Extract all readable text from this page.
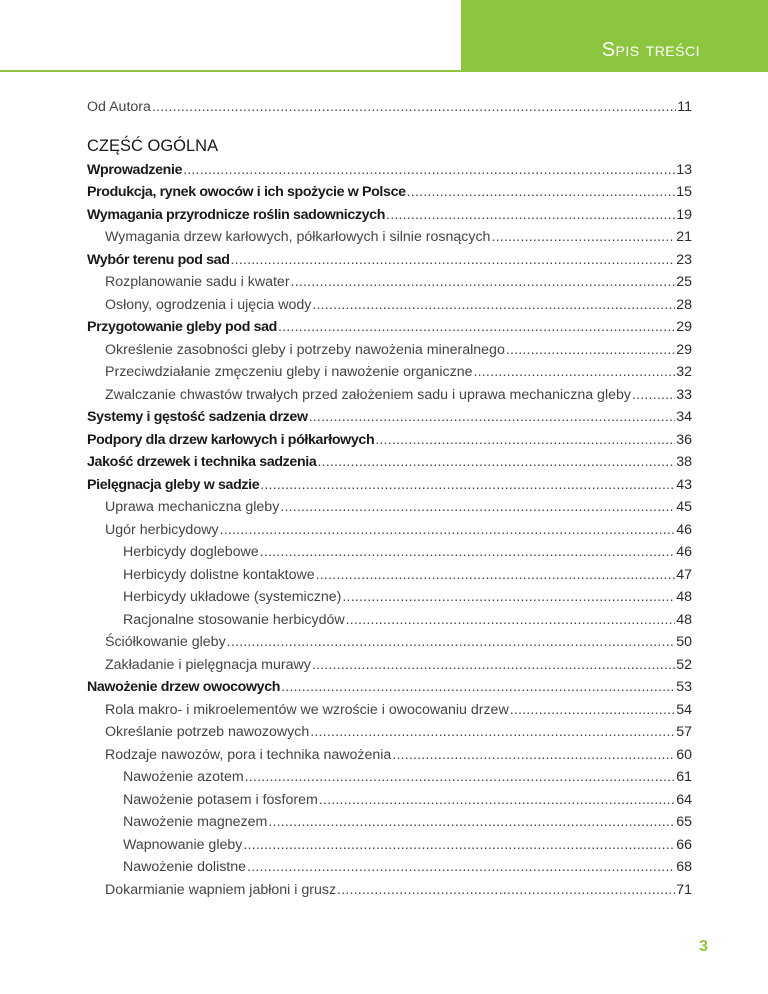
Spis treści
Od Autora .....	11
CZĘŚĆ OGÓLNA
Wprowadzenie .....	13
Produkcja, rynek owoców i ich spożycie w Polsce .....	15
Wymagania przyrodnicze roślin sadowniczych .....	19
Wymagania drzew karłowych, półkarłowych i silnie rosnących .....	21
Wybór terenu pod sad .....	23
Rozplanowanie sadu i kwater .....	25
Osłony, ogrodzenia i ujęcia wody .....	28
Przygotowanie gleby pod sad .....	29
Określenie zasobności gleby i potrzeby nawożenia mineralnego .....	29
Przeciwdziałanie zmęczeniu gleby i nawożenie organiczne .....	32
Zwalczanie chwastów trwałych przed założeniem sadu i uprawa mechaniczna gleby .....	33
Systemy i gęstość sadzenia drzew .....	34
Podpory dla drzew karłowych i półkarłowych .....	36
Jakość drzewek i technika sadzenia .....	38
Pielęgnacja gleby w sadzie .....	43
Uprawa mechaniczna gleby .....	45
Ugór herbicydowy .....	46
Herbicydy doglebowe .....	46
Herbicydy dolistne kontaktowe .....	47
Herbicydy układowe (systemiczne) .....	48
Racjonalne stosowanie herbicydów .....	48
Ściółkowanie gleby .....	50
Zakładanie i pielęgnacja murawy .....	52
Nawożenie drzew owocowych .....	53
Rola makro- i mikroelementów we wzroście i owocowaniu drzew .....	54
Określanie potrzeb nawozowych .....	57
Rodzaje nawozów, pora i technika nawożenia .....	60
Nawożenie azotem .....	61
Nawożenie potasem i fosforem .....	64
Nawożenie magnezem .....	65
Wapnowanie gleby .....	66
Nawożenie dolistne .....	68
Dokarmianie wapniem jabłoni i grusz .....	71
3
